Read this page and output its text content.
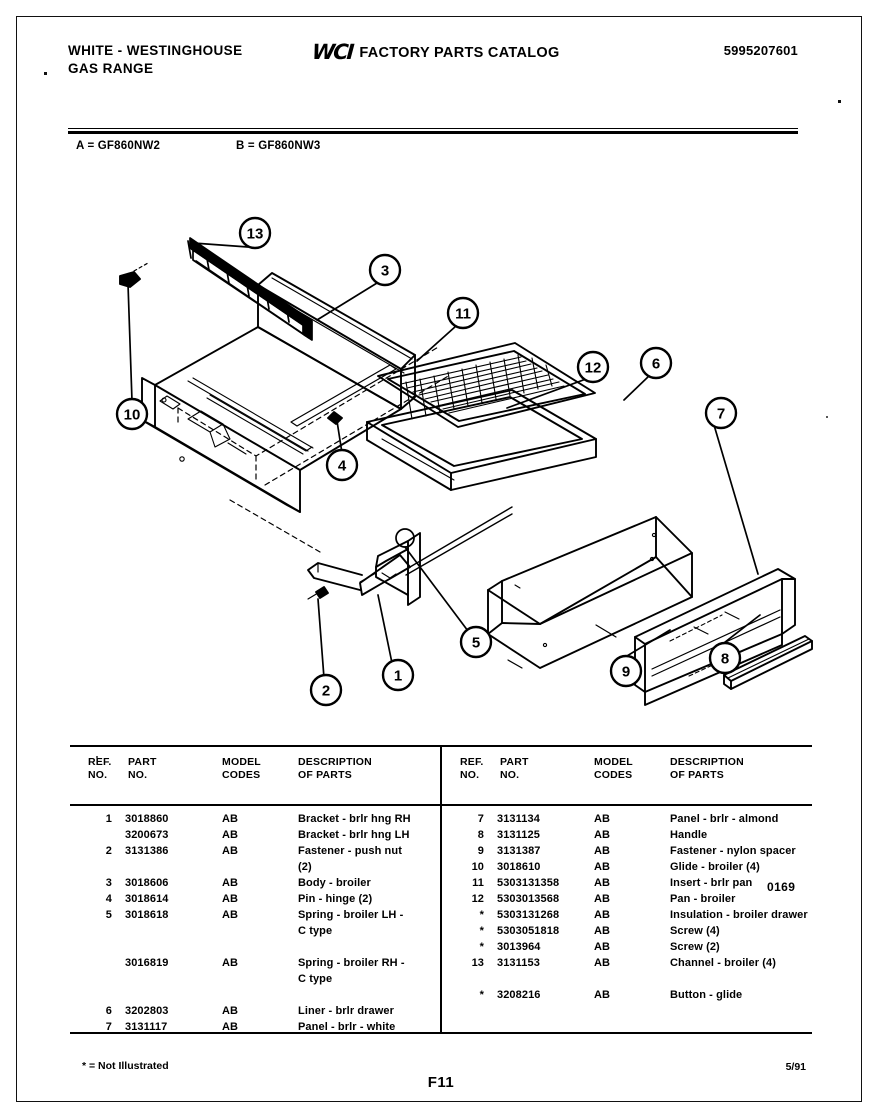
WHITE - WESTINGHOUSE
GAS RANGE
WCI FACTORY PARTS CATALOG	5995207601
A = GF860NW2	B = GF860NW3
13
3
11
12	6
7
10
4
5
1
2
9
8
0169
REF.
NO.
PART
NO.
MODEL
CODES
DESCRIPTION
OF PARTS
1 3018860	AB	Bracket - brlr hng RH
3200673	AB	Bracket - brlr hng LH
2 3131386	AB	Fastener - push nut
(2)
3 3018606	AB	Body - broiler
4 3018614	AB	Pin - hinge (2)
5 3018618	AB	Spring - broiler LH -
C type
3016819	AB	Spring - broiler RH -
C type
6 3202803	AB	Liner - brlr drawer
7 3131117	AB	Panel - brlr - white
REF.
NO.
PART
NO.
MODEL
CODES
DESCRIPTION
OF PARTS
7 3131134	AB	Panel - brlr - almond
8 3131125	AB	Handle
9 3131387	AB	Fastener - nylon spacer
10 3018610	AB	Glide - broiler (4)
11 5303131358	AB	Insert - brlr pan
12 5303013568	AB	Pan - broiler
* 5303131268	AB	Insulation - broiler drawer
* 5303051818	AB	Screw (4)
* 3013964	AB	Screw (2)
13 3131153	AB	Channel - broiler (4)
* 3208216	AB	Button - glide
* = Not Illustrated
F11
5/91
